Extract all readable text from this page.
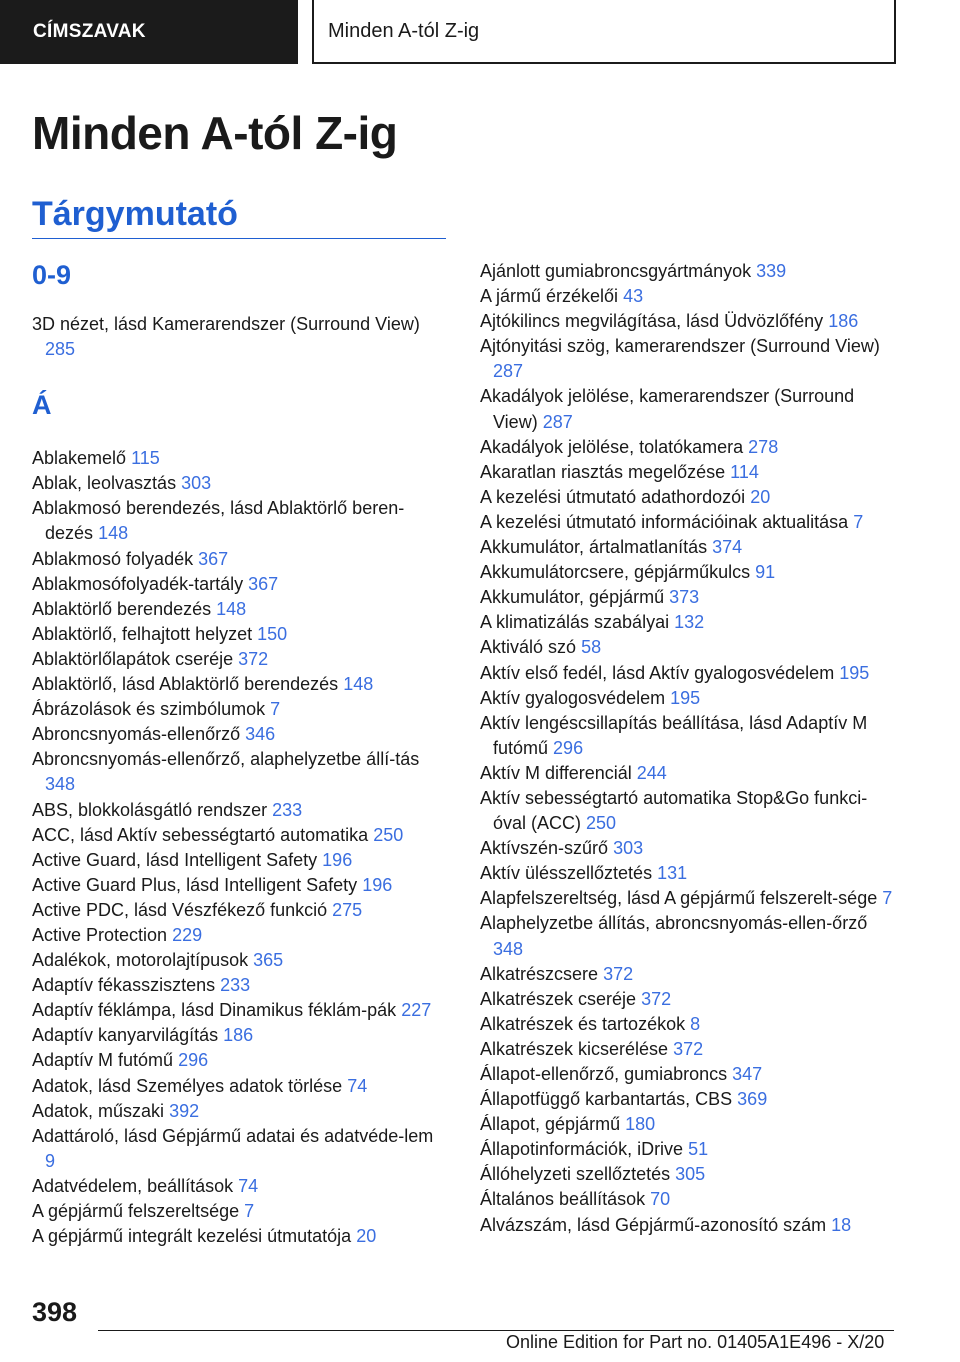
CÍMSZAVAK	Minden A-tól Z-ig
Minden A-tól Z-ig
Tárgymutató
0-9

3D nézet, lásd Kamerarendszer (Surround View) 285

Á

Ablakemelő 115

Ablak, leolvasztás 303

Ablakmosó berendezés, lásd Ablaktörlő beren-dezés 148

Ablakmosó folyadék 367

Ablakmosófolyadék-tartály 367

Ablaktörlő berendezés 148

Ablaktörlő, felhajtott helyzet 150

Ablaktörlőlapátok cseréje 372

Ablaktörlő, lásd Ablaktörlő berendezés 148

Ábrázolások és szimbólumok 7

Abroncsnyomás-ellenőrző 346

Abroncsnyomás-ellenőrző, alaphelyzetbe állí-tás 348

ABS, blokkolásgátló rendszer 233

ACC, lásd Aktív sebességtartó automatika 250

Active Guard, lásd Intelligent Safety 196

Active Guard Plus, lásd Intelligent Safety 196

Active PDC, lásd Vészfékező funkció 275

Active Protection 229

Adalékok, motorolajtípusok 365

Adaptív fékasszisztens 233

Adaptív féklámpa, lásd Dinamikus féklám-pák 227

Adaptív kanyarvilágítás 186

Adaptív M futómű 296

Adatok, lásd Személyes adatok törlése 74

Adatok, műszaki 392

Adattároló, lásd Gépjármű adatai és adatvéde-lem 9

Adatvédelem, beállítások 74

A gépjármű felszereltsége 7

A gépjármű integrált kezelési útmutatója 20

Ajánlott gumiabroncsgyártmányok 339

A jármű érzékelői 43

Ajtókilincs megvilágítása, lásd Üdvözlőfény 186

Ajtónyitási szög, kamerarendszer (Surround View) 287

Akadályok jelölése, kamerarendszer (Surround View) 287

Akadályok jelölése, tolatókamera 278

Akaratlan riasztás megelőzése 114

A kezelési útmutató adathordozói 20

A kezelési útmutató információinak aktualitása 7

Akkumulátor, ártalmatlanítás 374

Akkumulátorcsere, gépjárműkulcs 91

Akkumulátor, gépjármű 373

A klimatizálás szabályai 132

Aktiváló szó 58

Aktív első fedél, lásd Aktív gyalogosvédelem 195

Aktív gyalogosvédelem 195

Aktív lengéscsillapítás beállítása, lásd Adaptív M futómű 296

Aktív M differenciál 244

Aktív sebességtartó automatika Stop&Go funkci-óval (ACC) 250

Aktívszén-szűrő 303

Aktív ülésszellőztetés 131

Alapfelszereltség, lásd A gépjármű felszerelt-sége 7

Alaphelyzetbe állítás, abroncsnyomás-ellen-őrző 348

Alkatrészcsere 372

Alkatrészek cseréje 372

Alkatrészek és tartozékok 8

Alkatrészek kicserélése 372

Állapot-ellenőrző, gumiabroncs 347

Állapotfüggő karbantartás, CBS 369

Állapot, gépjármű 180

Állapotinformációk, iDrive 51

Állóhelyzeti szellőztetés 305

Általános beállítások 70

Alvázszám, lásd Gépjármű-azonosító szám 18

398
Online Edition for Part no. 01405A1E496 - X/20
